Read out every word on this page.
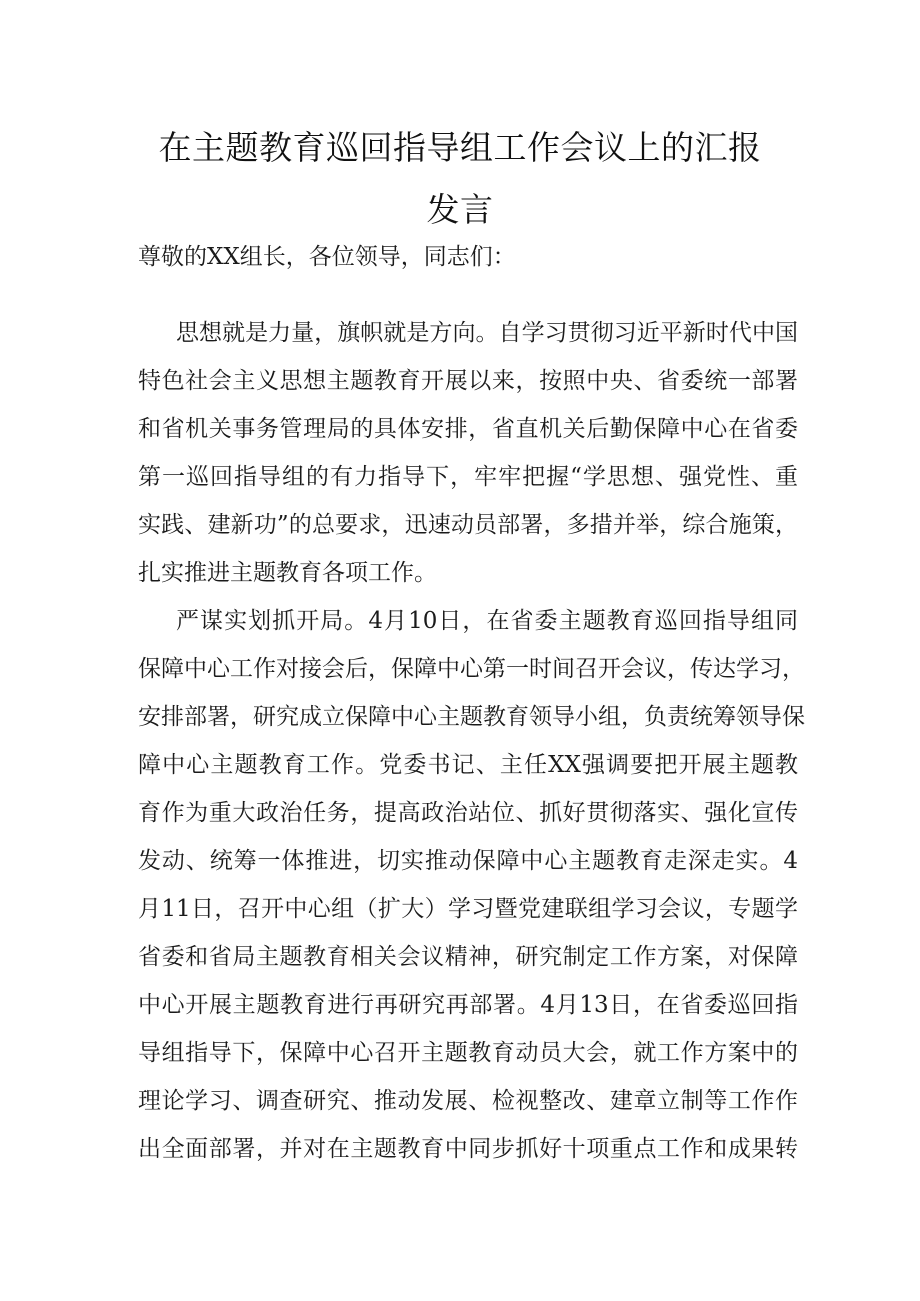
在主题教育巡回指导组工作会议上的汇报
发言
尊敬的XX组长，各位领导，同志们：
思想就是力量，旗帜就是方向。自学习贯彻习近平新时代中国
特色社会主义思想主题教育开展以来，按照中央、省委统一部署
和省机关事务管理局的具体安排，省直机关后勤保障中心在省委
第一巡回指导组的有力指导下，牢牢把握“学思想、强党性、重
实践、建新功”的总要求，迅速动员部署，多措并举，综合施策，
扎实推进主题教育各项工作。
严谋实划抓开局。4月10日，在省委主题教育巡回指导组同
保障中心工作对接会后，保障中心第一时间召开会议，传达学习，
安排部署，研究成立保障中心主题教育领导小组，负责统筹领导保
障中心主题教育工作。党委书记、主任XX强调要把开展主题教
育作为重大政治任务，提高政治站位、抓好贯彻落实、强化宣传
发动、统筹一体推进，切实推动保障中心主题教育走深走实。4
月11日，召开中心组（扩大）学习暨党建联组学习会议，专题学
省委和省局主题教育相关会议精神，研究制定工作方案，对保障
中心开展主题教育进行再研究再部署。4月13日，在省委巡回指
导组指导下，保障中心召开主题教育动员大会，就工作方案中的
理论学习、调查研究、推动发展、检视整改、建章立制等工作作
出全面部署，并对在主题教育中同步抓好十项重点工作和成果转
